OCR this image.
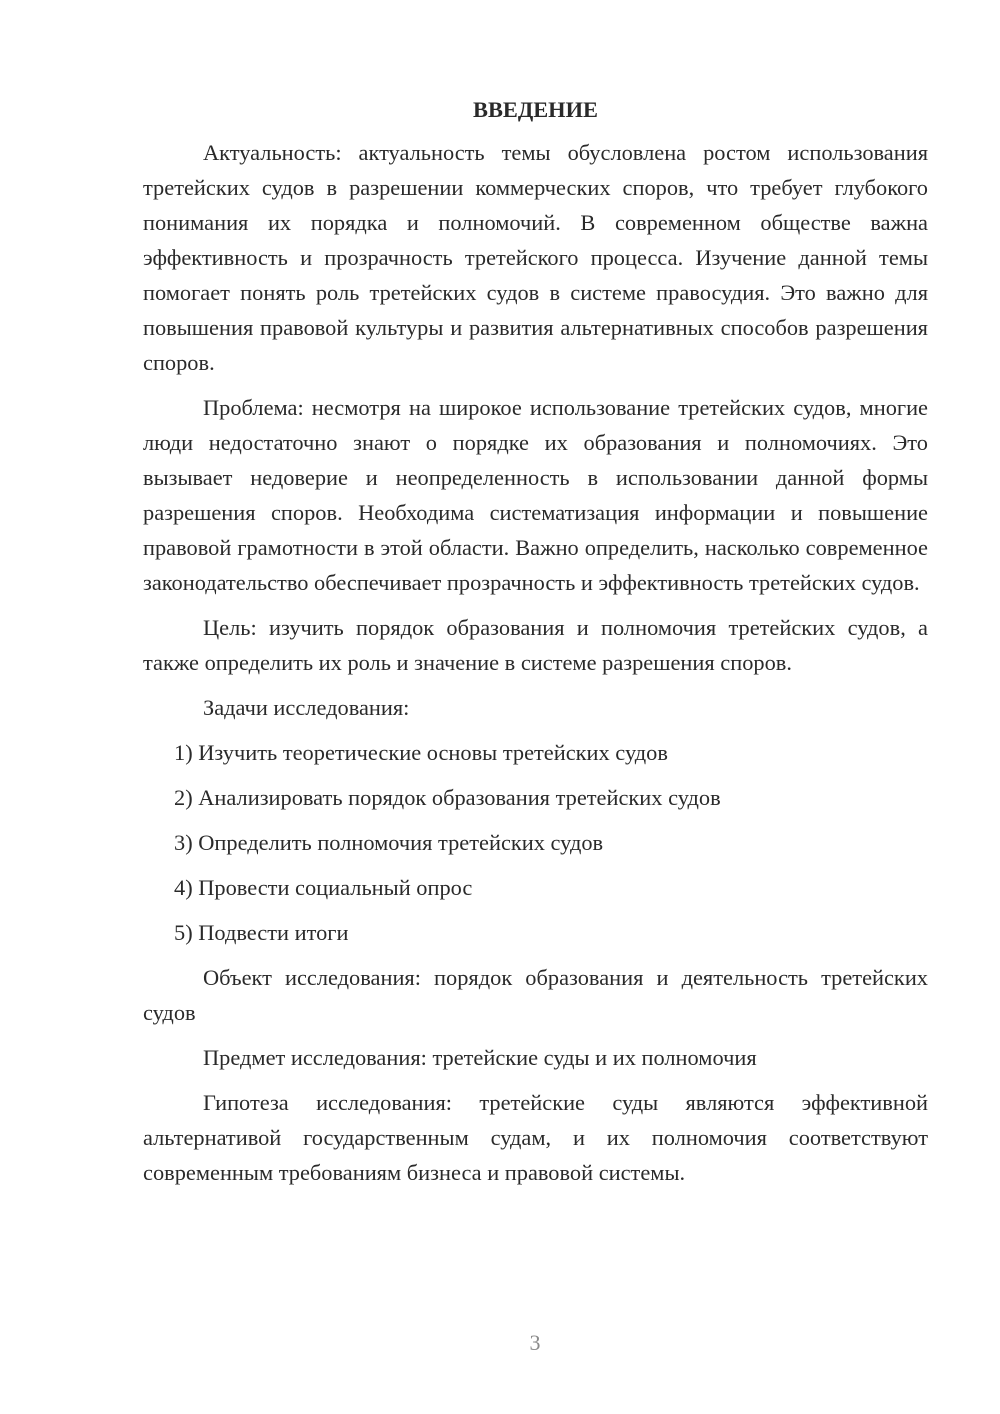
ВВЕДЕНИЕ

Актуальность: актуальность темы обусловлена ростом использования третейских судов в разрешении коммерческих споров, что требует глубокого понимания их порядка и полномочий. В современном обществе важна эффективность и прозрачность третейского процесса. Изучение данной темы помогает понять роль третейских судов в системе правосудия. Это важно для повышения правовой культуры и развития альтернативных способов разрешения споров.

Проблема: несмотря на широкое использование третейских судов, многие люди недостаточно знают о порядке их образования и полномочиях. Это вызывает недоверие и неопределенность в использовании данной формы разрешения споров. Необходима систематизация информации и повышение правовой грамотности в этой области. Важно определить, насколько современное законодательство обеспечивает прозрачность и эффективность третейских судов.

Цель: изучить порядок образования и полномочия третейских судов, а также определить их роль и значение в системе разрешения споров.

Задачи исследования:

1) Изучить теоретические основы третейских судов
2) Анализировать порядок образования третейских судов
3) Определить полномочия третейских судов
4) Провести социальный опрос
5) Подвести итоги

Объект исследования: порядок образования и деятельность третейских судов

Предмет исследования: третейские суды и их полномочия

Гипотеза исследования: третейские суды являются эффективной альтернативой государственным судам, и их полномочия соответствуют современным требованиям бизнеса и правовой системы.

3
